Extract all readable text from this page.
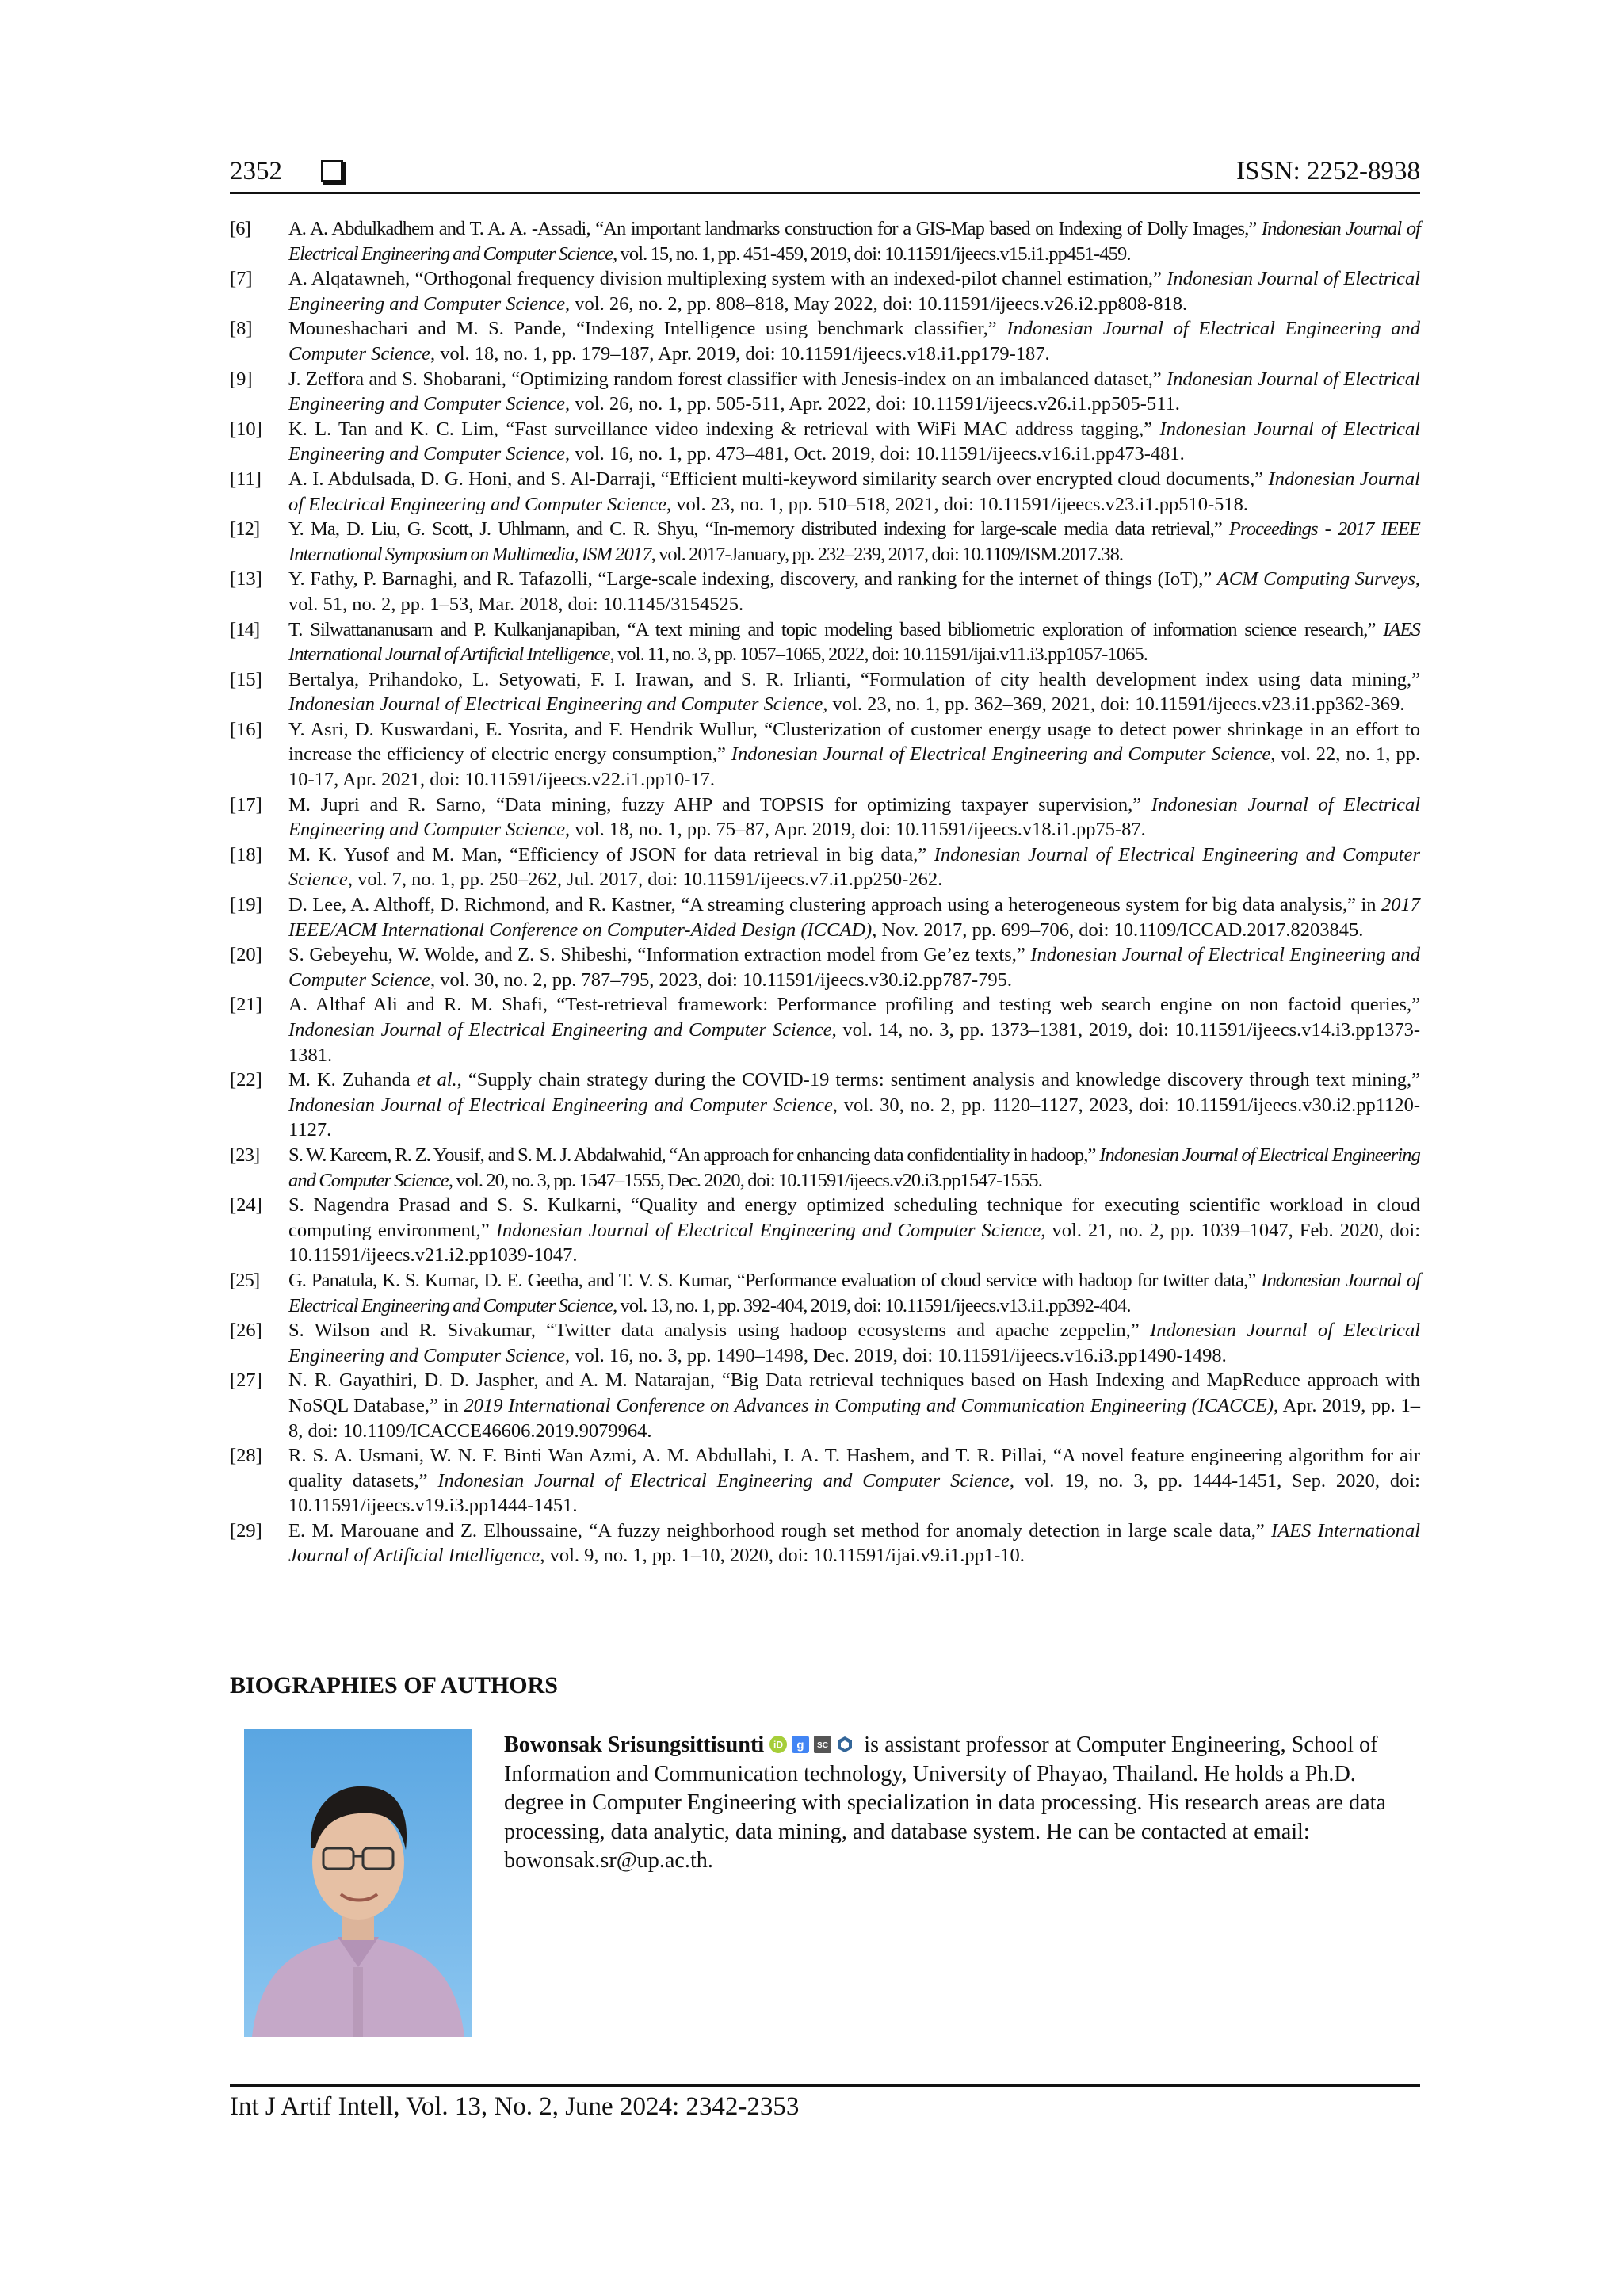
2352	ISSN: 2252-8938
[6] A. A. Abdulkadhem and T. A. A. -Assadi, “An important landmarks construction for a GIS-Map based on Indexing of Dolly Images,” Indonesian Journal of Electrical Engineering and Computer Science, vol. 15, no. 1, pp. 451-459, 2019, doi: 10.11591/ijeecs.v15.i1.pp451-459.
[7] A. Alqatawneh, “Orthogonal frequency division multiplexing system with an indexed-pilot channel estimation,” Indonesian Journal of Electrical Engineering and Computer Science, vol. 26, no. 2, pp. 808–818, May 2022, doi: 10.11591/ijeecs.v26.i2.pp808-818.
[8] Mouneshachari and M. S. Pande, “Indexing Intelligence using benchmark classifier,” Indonesian Journal of Electrical Engineering and Computer Science, vol. 18, no. 1, pp. 179–187, Apr. 2019, doi: 10.11591/ijeecs.v18.i1.pp179-187.
[9] J. Zeffora and S. Shobarani, “Optimizing random forest classifier with Jenesis-index on an imbalanced dataset,” Indonesian Journal of Electrical Engineering and Computer Science, vol. 26, no. 1, pp. 505-511, Apr. 2022, doi: 10.11591/ijeecs.v26.i1.pp505-511.
[10] K. L. Tan and K. C. Lim, “Fast surveillance video indexing & retrieval with WiFi MAC address tagging,” Indonesian Journal of Electrical Engineering and Computer Science, vol. 16, no. 1, pp. 473–481, Oct. 2019, doi: 10.11591/ijeecs.v16.i1.pp473-481.
[11] A. I. Abdulsada, D. G. Honi, and S. Al-Darraji, “Efficient multi-keyword similarity search over encrypted cloud documents,” Indonesian Journal of Electrical Engineering and Computer Science, vol. 23, no. 1, pp. 510–518, 2021, doi: 10.11591/ijeecs.v23.i1.pp510-518.
[12] Y. Ma, D. Liu, G. Scott, J. Uhlmann, and C. R. Shyu, “In-memory distributed indexing for large-scale media data retrieval,” Proceedings - 2017 IEEE International Symposium on Multimedia, ISM 2017, vol. 2017-January, pp. 232–239, 2017, doi: 10.1109/ISM.2017.38.
[13] Y. Fathy, P. Barnaghi, and R. Tafazolli, “Large-scale indexing, discovery, and ranking for the internet of things (IoT),” ACM Computing Surveys, vol. 51, no. 2, pp. 1–53, Mar. 2018, doi: 10.1145/3154525.
[14] T. Silwattananusarn and P. Kulkanjanapiban, “A text mining and topic modeling based bibliometric exploration of information science research,” IAES International Journal of Artificial Intelligence, vol. 11, no. 3, pp. 1057–1065, 2022, doi: 10.11591/ijai.v11.i3.pp1057-1065.
[15] Bertalya, Prihandoko, L. Setyowati, F. I. Irawan, and S. R. Irlianti, “Formulation of city health development index using data mining,” Indonesian Journal of Electrical Engineering and Computer Science, vol. 23, no. 1, pp. 362–369, 2021, doi: 10.11591/ijeecs.v23.i1.pp362-369.
[16] Y. Asri, D. Kuswardani, E. Yosrita, and F. Hendrik Wullur, “Clusterization of customer energy usage to detect power shrinkage in an effort to increase the efficiency of electric energy consumption,” Indonesian Journal of Electrical Engineering and Computer Science, vol. 22, no. 1, pp. 10-17, Apr. 2021, doi: 10.11591/ijeecs.v22.i1.pp10-17.
[17] M. Jupri and R. Sarno, “Data mining, fuzzy AHP and TOPSIS for optimizing taxpayer supervision,” Indonesian Journal of Electrical Engineering and Computer Science, vol. 18, no. 1, pp. 75–87, Apr. 2019, doi: 10.11591/ijeecs.v18.i1.pp75-87.
[18] M. K. Yusof and M. Man, “Efficiency of JSON for data retrieval in big data,” Indonesian Journal of Electrical Engineering and Computer Science, vol. 7, no. 1, pp. 250–262, Jul. 2017, doi: 10.11591/ijeecs.v7.i1.pp250-262.
[19] D. Lee, A. Althoff, D. Richmond, and R. Kastner, “A streaming clustering approach using a heterogeneous system for big data analysis,” in 2017 IEEE/ACM International Conference on Computer-Aided Design (ICCAD), Nov. 2017, pp. 699–706, doi: 10.1109/ICCAD.2017.8203845.
[20] S. Gebeyehu, W. Wolde, and Z. S. Shibeshi, “Information extraction model from Ge’ez texts,” Indonesian Journal of Electrical Engineering and Computer Science, vol. 30, no. 2, pp. 787–795, 2023, doi: 10.11591/ijeecs.v30.i2.pp787-795.
[21] A. Althaf Ali and R. M. Shafi, “Test-retrieval framework: Performance profiling and testing web search engine on non factoid queries,” Indonesian Journal of Electrical Engineering and Computer Science, vol. 14, no. 3, pp. 1373–1381, 2019, doi: 10.11591/ijeecs.v14.i3.pp1373-1381.
[22] M. K. Zuhanda et al., “Supply chain strategy during the COVID-19 terms: sentiment analysis and knowledge discovery through text mining,” Indonesian Journal of Electrical Engineering and Computer Science, vol. 30, no. 2, pp. 1120–1127, 2023, doi: 10.11591/ijeecs.v30.i2.pp1120-1127.
[23] S. W. Kareem, R. Z. Yousif, and S. M. J. Abdalwahid, “An approach for enhancing data confidentiality in hadoop,” Indonesian Journal of Electrical Engineering and Computer Science, vol. 20, no. 3, pp. 1547–1555, Dec. 2020, doi: 10.11591/ijeecs.v20.i3.pp1547-1555.
[24] S. Nagendra Prasad and S. S. Kulkarni, “Quality and energy optimized scheduling technique for executing scientific workload in cloud computing environment,” Indonesian Journal of Electrical Engineering and Computer Science, vol. 21, no. 2, pp. 1039–1047, Feb. 2020, doi: 10.11591/ijeecs.v21.i2.pp1039-1047.
[25] G. Panatula, K. S. Kumar, D. E. Geetha, and T. V. S. Kumar, “Performance evaluation of cloud service with hadoop for twitter data,” Indonesian Journal of Electrical Engineering and Computer Science, vol. 13, no. 1, pp. 392-404, 2019, doi: 10.11591/ijeecs.v13.i1.pp392-404.
[26] S. Wilson and R. Sivakumar, “Twitter data analysis using hadoop ecosystems and apache zeppelin,” Indonesian Journal of Electrical Engineering and Computer Science, vol. 16, no. 3, pp. 1490–1498, Dec. 2019, doi: 10.11591/ijeecs.v16.i3.pp1490-1498.
[27] N. R. Gayathiri, D. D. Jaspher, and A. M. Natarajan, “Big Data retrieval techniques based on Hash Indexing and MapReduce approach with NoSQL Database,” in 2019 International Conference on Advances in Computing and Communication Engineering (ICACCE), Apr. 2019, pp. 1–8, doi: 10.1109/ICACCE46606.2019.9079964.
[28] R. S. A. Usmani, W. N. F. Binti Wan Azmi, A. M. Abdullahi, I. A. T. Hashem, and T. R. Pillai, “A novel feature engineering algorithm for air quality datasets,” Indonesian Journal of Electrical Engineering and Computer Science, vol. 19, no. 3, pp. 1444-1451, Sep. 2020, doi: 10.11591/ijeecs.v19.i3.pp1444-1451.
[29] E. M. Marouane and Z. Elhoussaine, “A fuzzy neighborhood rough set method for anomaly detection in large scale data,” IAES International Journal of Artificial Intelligence, vol. 9, no. 1, pp. 1–10, 2020, doi: 10.11591/ijai.v9.i1.pp1-10.
BIOGRAPHIES OF AUTHORS
Bowonsak Srisungsittisunti iD g SC is assistant professor at Computer Engineering, School of Information and Communication technology, University of Phayao, Thailand. He holds a Ph.D. degree in Computer Engineering with specialization in data processing. His research areas are data processing, data analytic, data mining, and database system. He can be contacted at email: bowonsak.sr@up.ac.th.
Int J Artif Intell, Vol. 13, No. 2, June 2024: 2342-2353
